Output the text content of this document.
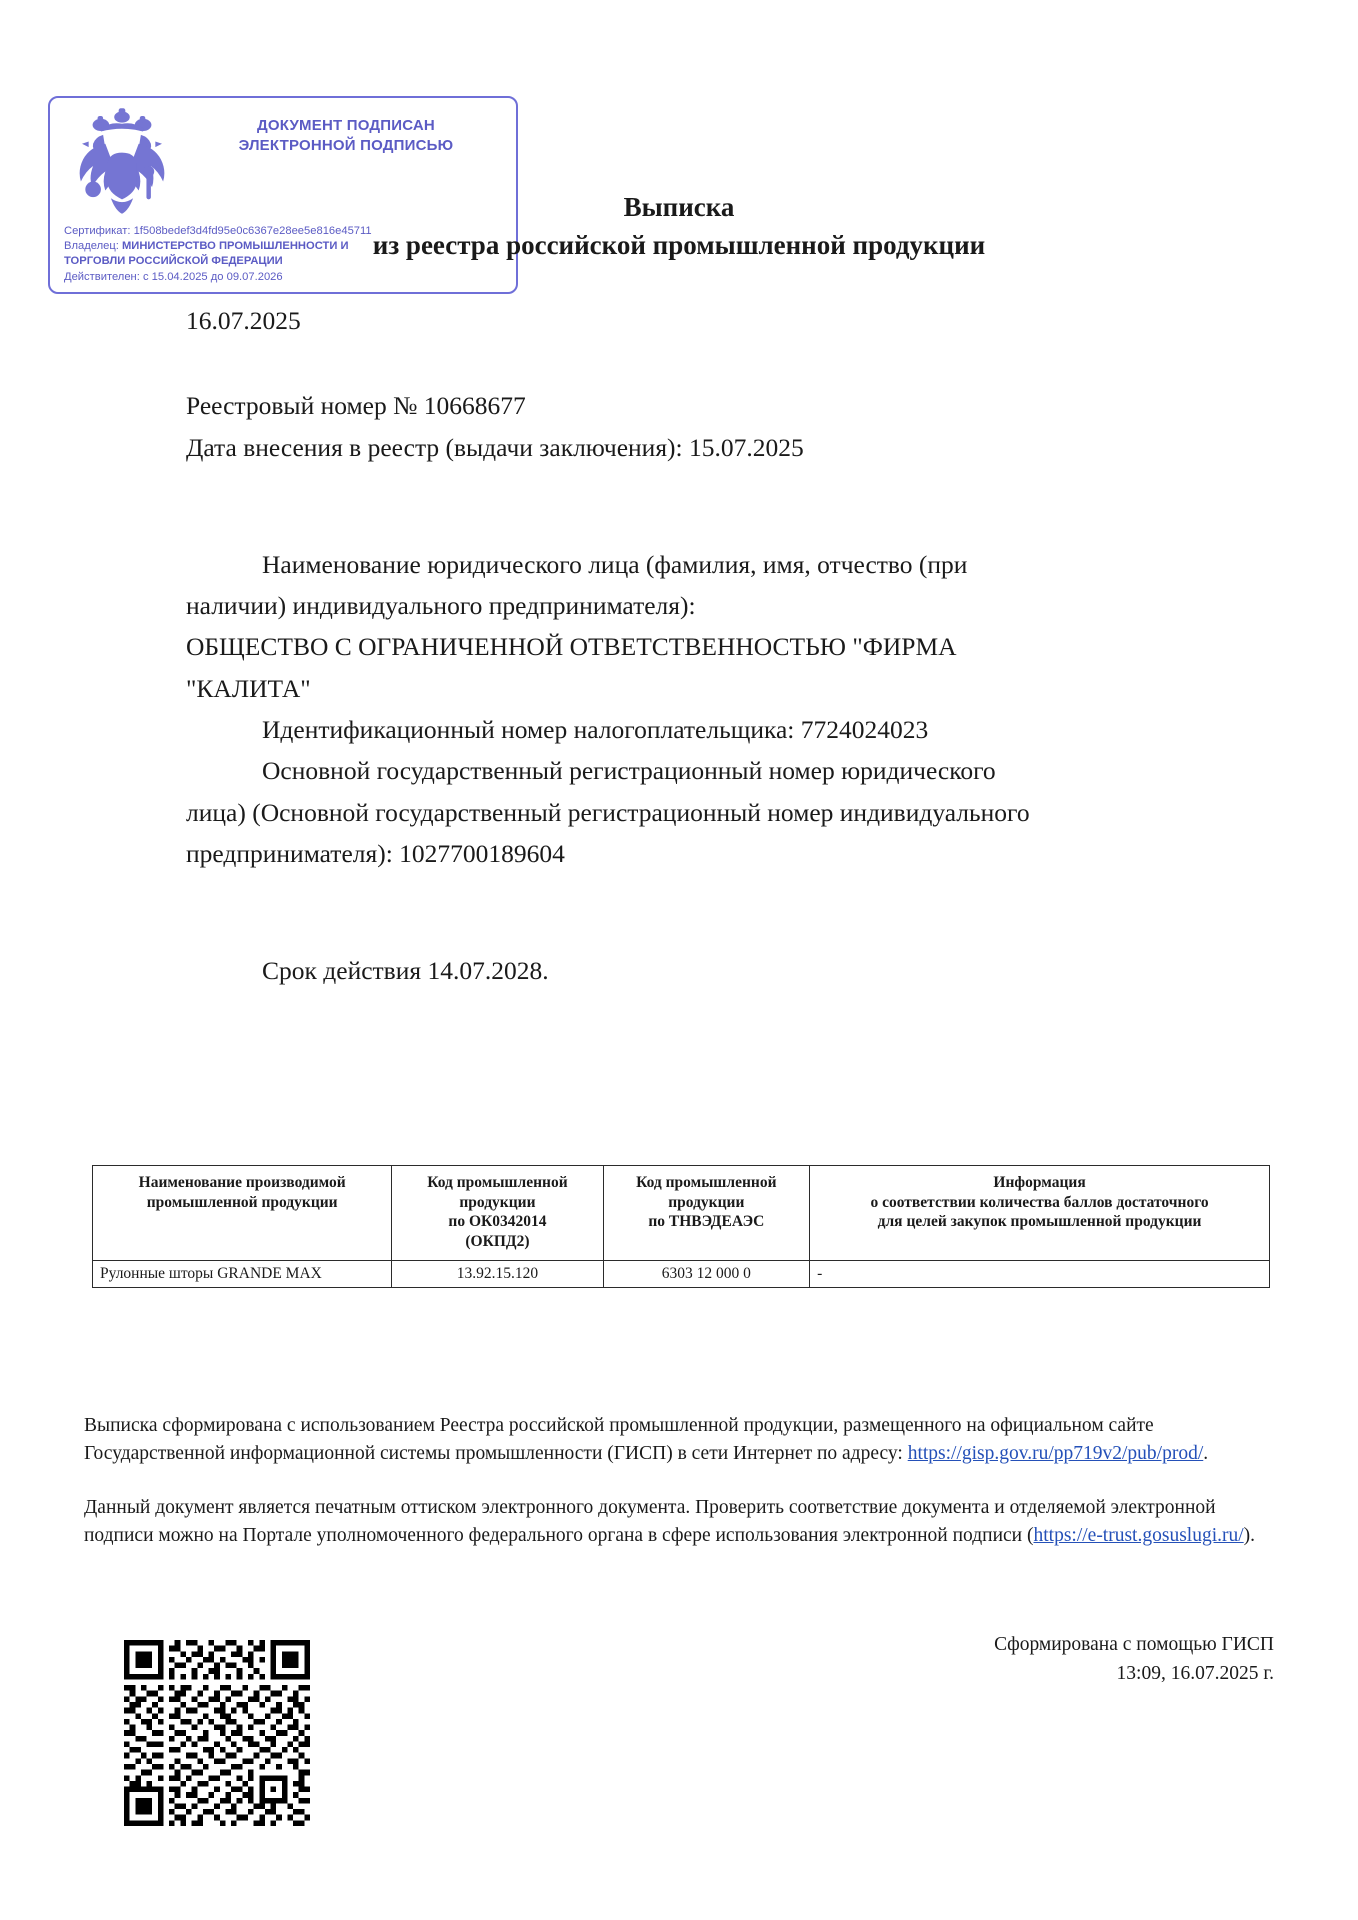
ДОКУМЕНТ ПОДПИСАН
ЭЛЕКТРОННОЙ ПОДПИСЬЮ
Сертификат: 1f508bedef3d4fd95e0c6367e28ee5e816e45711
Владелец: МИНИСТЕРСТВО ПРОМЫШЛЕННОСТИ И
ТОРГОВЛИ РОССИЙСКОЙ ФЕДЕРАЦИИ
Действителен: с 15.04.2025 до 09.07.2026
Выписка
из реестра российской промышленной продукции

16.07.2025

Реестровый номер № 10668677

Дата внесения в реестр (выдачи заключения): 15.07.2025

Наименование юридического лица (фамилия, имя, отчество (при

наличии) индивидуального предпринимателя):

ОБЩЕСТВО С ОГРАНИЧЕННОЙ ОТВЕТСТВЕННОСТЬЮ "ФИРМА

"КАЛИТА"

Идентификационный номер налогоплательщика: 7724024023

Основной государственный регистрационный номер юридического

лица) (Основной государственный регистрационный номер индивидуального

предпринимателя): 1027700189604

Срок действия 14.07.2028.

Наименование производимой
промышленной продукции	Код промышленной
продукции
по ОК0342014
(ОКПД2)	Код промышленной
продукции
по ТНВЭДЕАЭС	Информация
о соответствии количества баллов достаточного
для целей закупок промышленной продукции
Рулонные шторы GRANDE MAX	13.92.15.120	6303 12 000 0	-

Выписка сформирована с использованием Реестра российской промышленной продукции, размещенного на официальном сайте Государственной информационной системы промышленности (ГИСП) в сети Интернет по адресу: https://gisp.gov.ru/pp719v2/pub/prod/.

Данный документ является печатным оттиском электронного документа. Проверить соответствие документа и отделяемой электронной подписи можно на Портале уполномоченного федерального органа в сфере использования электронной подписи (https://e-trust.gosuslugi.ru/).

Сформирована с помощью ГИСП
13:09, 16.07.2025 г.
